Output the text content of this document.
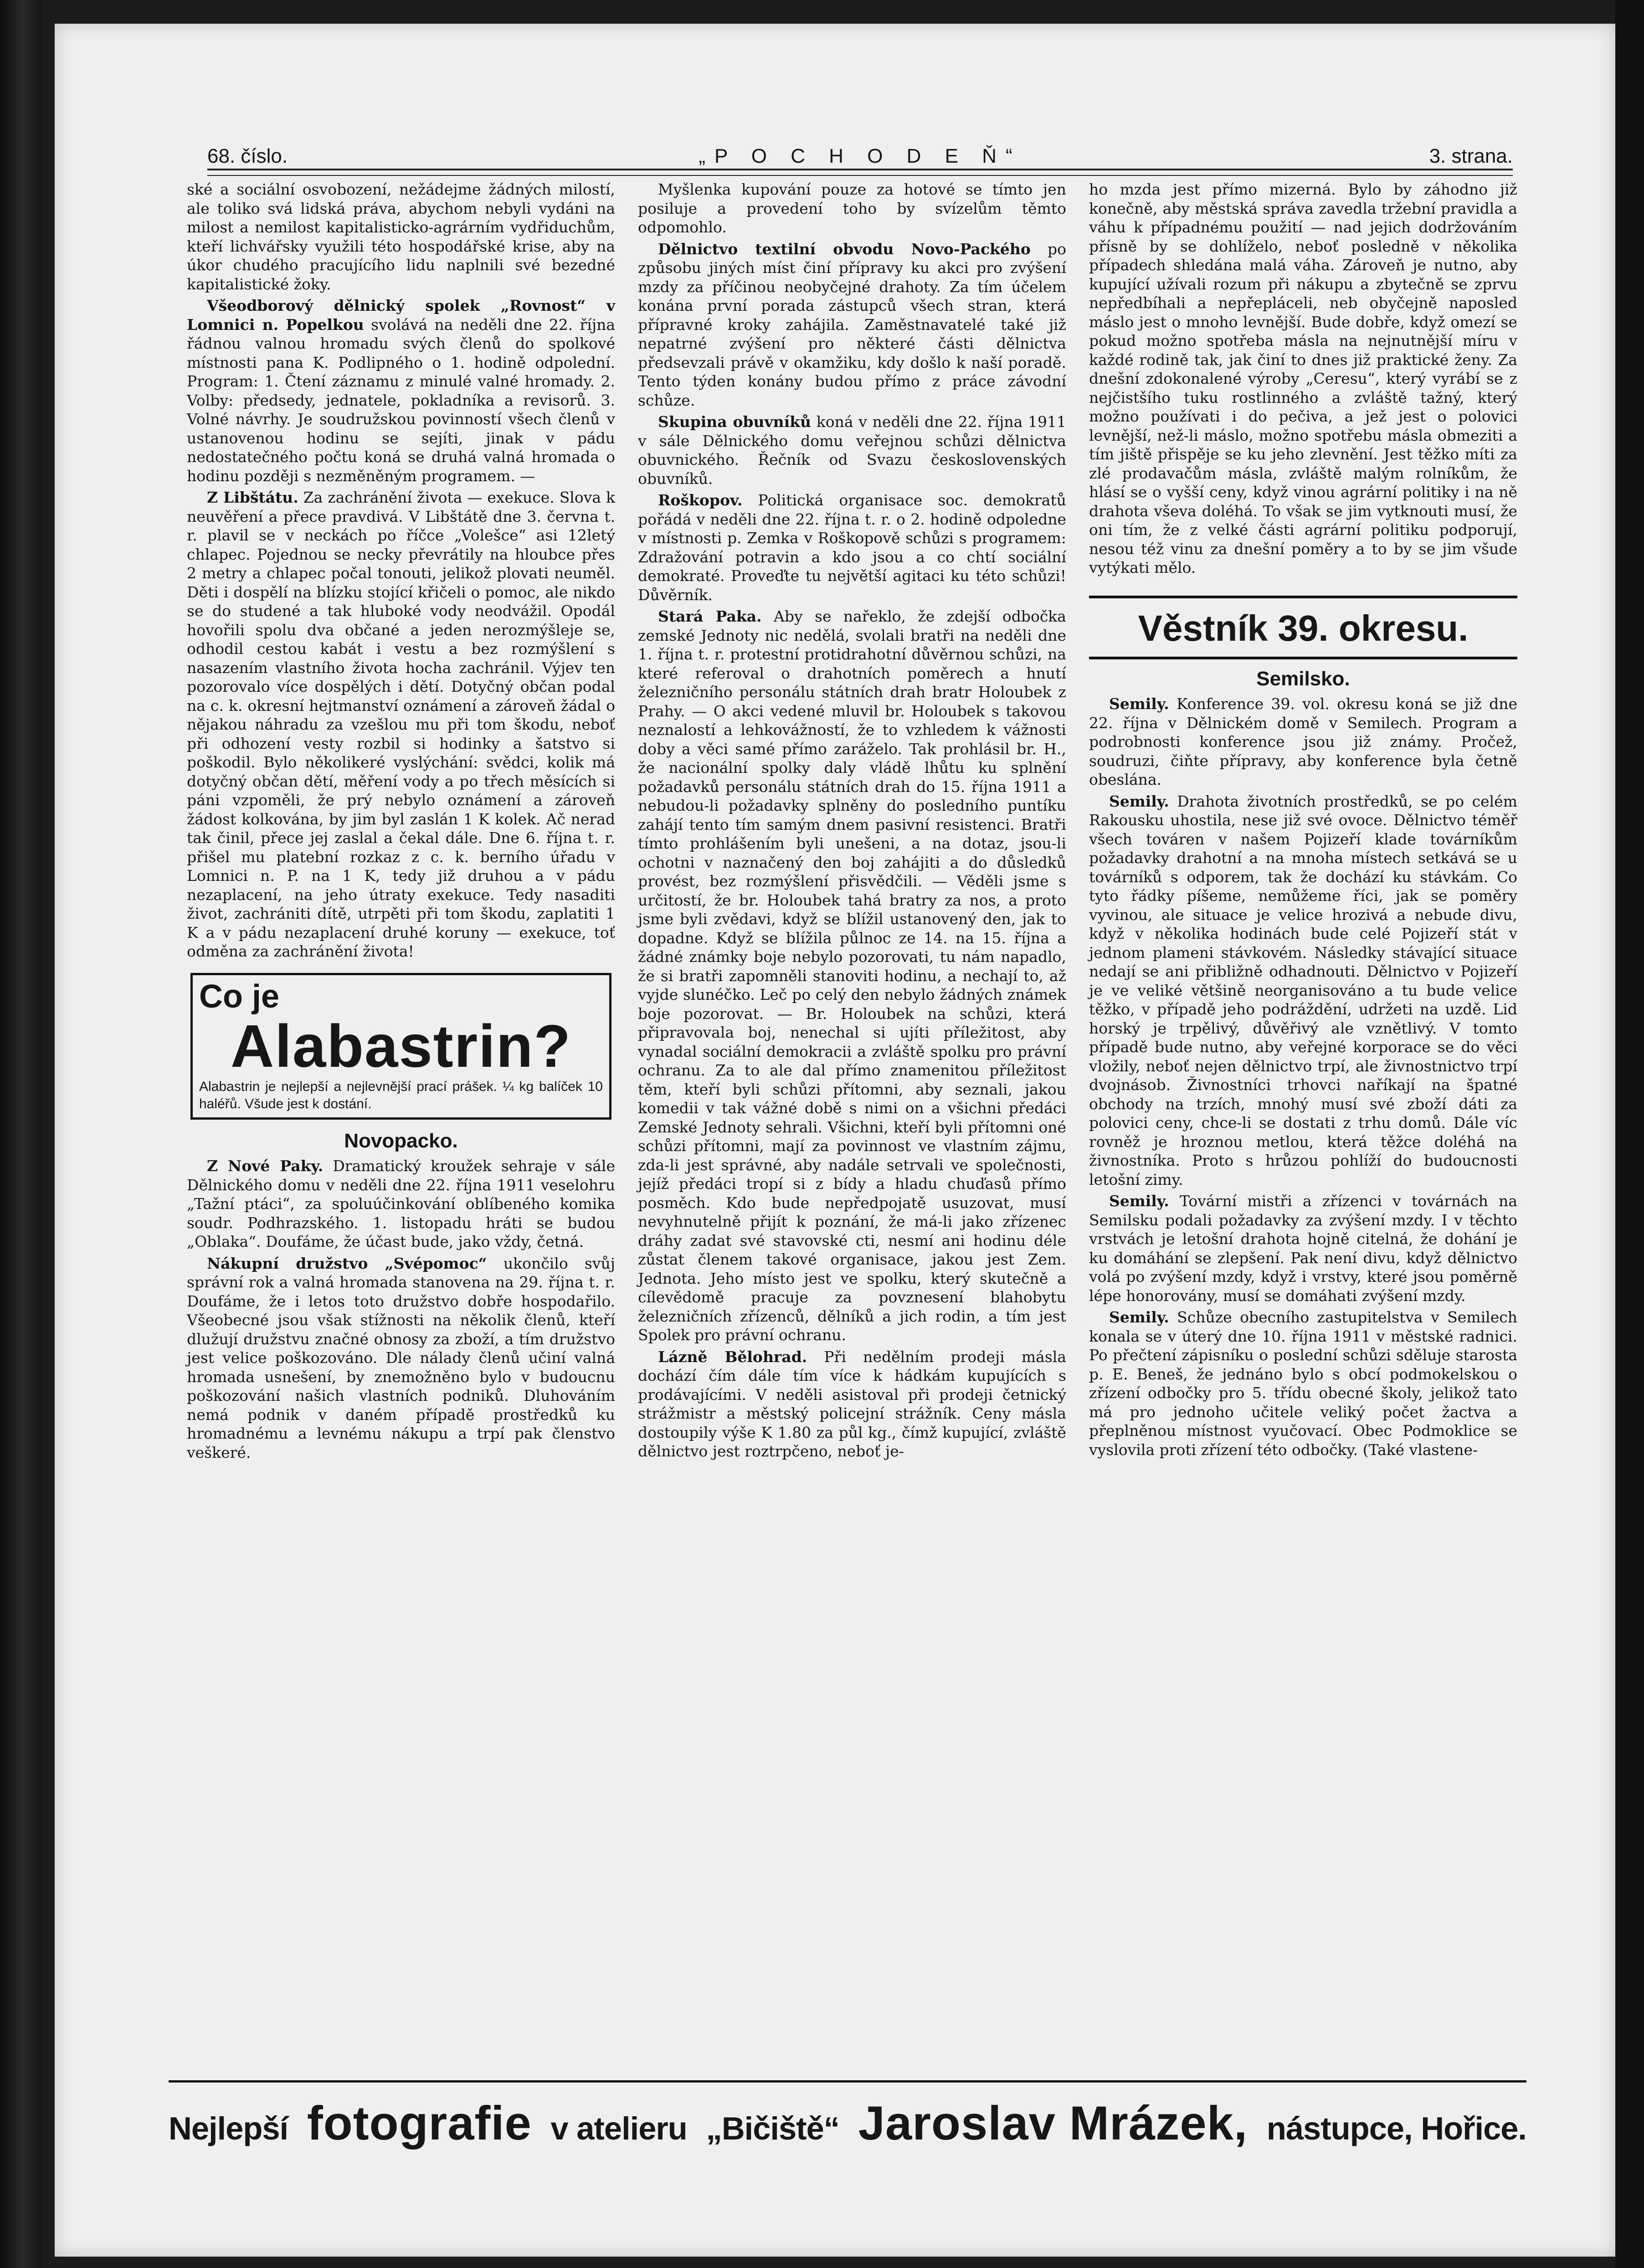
68. číslo.	„P O C H O D E Ň“	3. strana.

ské a sociální osvobození, nežádejme žádných milostí, ale toliko svá lidská práva, abychom nebyli vydáni na milost a nemilost kapitalisticko-agrárním vydřiduchům, kteří lichvářsky využili této hospodářské krise, aby na úkor chudého pracujícího lidu naplnili své bezedné kapitalistické žoky.

Všeodborový dělnický spolek „Rovnost“ v Lomnici n. Popelkou svolává na neděli dne 22. října řádnou valnou hromadu svých členů do spolkové místnosti pana K. Podlipného o 1. hodině odpolední. Program: 1. Čtení záznamu z minulé valné hromady. 2. Volby: předsedy, jednatele, pokladníka a revisorů. 3. Volné návrhy. Je soudružskou povinností všech členů v ustanovenou hodinu se sejíti, jinak v pádu nedostatečného počtu koná se druhá valná hromada o hodinu později s nezměněným programem. —

Z Libštátu. Za zachránění života — exekuce. Slova k neuvěření a přece pravdivá. V Libštátě dne 3. června t. r. plavil se v neckách po říčce „Volešce“ asi 12letý chlapec. Pojednou se necky převrátily na hloubce přes 2 metry a chlapec počal tonouti, jelikož plovati neuměl. Děti i dospělí na blízku stojící křičeli o pomoc, ale nikdo se do studené a tak hluboké vody neodvážil. Opodál hovořili spolu dva občané a jeden nerozmýšleje se, odhodil cestou kabát i vestu a bez rozmýšlení s nasazením vlastního života hocha zachránil. Výjev ten pozorovalo více dospělých i dětí. Dotyčný občan podal na c. k. okresní hejtmanství oznámení a zároveň žádal o nějakou náhradu za vzešlou mu při tom škodu, neboť při odhození vesty rozbil si hodinky a šatstvo si poškodil. Bylo několikeré vyslýchání: svědci, kolik má dotyčný občan dětí, měření vody a po třech měsících si páni vzpoměli, že prý nebylo oznámení a zároveň žádost kolkována, by jim byl zaslán 1 K kolek. Ač nerad tak činil, přece jej zaslal a čekal dále. Dne 6. října t. r. přišel mu platební rozkaz z c. k. berního úřadu v Lomnici n. P. na 1 K, tedy již druhou a v pádu nezaplacení, na jeho útraty exekuce. Tedy nasaditi život, zachrániti dítě, utrpěti při tom škodu, zaplatiti 1 K a v pádu nezaplacení druhé koruny — exekuce, toť odměna za zachránění života!

Co je
Alabastrin?
Alabastrin je nejlepší a nejlevnější prací prášek. ¼ kg balíček 10 haléřů. Všude jest k dostání.
Novopacko.

Z Nové Paky. Dramatický kroužek sehraje v sále Dělnického domu v neděli dne 22. října 1911 veselohru „Tažní ptáci“, za spoluúčinkování oblíbeného komika soudr. Podhrazského. 1. listopadu hráti se budou „Oblaka“. Doufáme, že účast bude, jako vždy, četná.

Nákupní družstvo „Svépomoc“ ukončilo svůj správní rok a valná hromada stanovena na 29. října t. r. Doufáme, že i letos toto družstvo dobře hospodařilo. Všeobecné jsou však stížnosti na několik členů, kteří dlužují družstvu značné obnosy za zboží, a tím družstvo jest velice poškozováno. Dle nálady členů učiní valná hromada usnešení, by znemožněno bylo v budoucnu poškozování našich vlastních podniků. Dluhováním nemá podnik v daném případě prostředků ku hromadnému a levnému nákupu a trpí pak členstvo veškeré.

Myšlenka kupování pouze za hotové se tímto jen posiluje a provedení toho by svízelům těmto odpomohlo.

Dělnictvo textilní obvodu Novo-Packého po způsobu jiných míst činí přípravy ku akci pro zvýšení mzdy za příčinou neobyčejné drahoty. Za tím účelem konána první porada zástupců všech stran, která přípravné kroky zahájila. Zaměstnavatelé také již nepatrné zvýšení pro některé části dělnictva předsevzali právě v okamžiku, kdy došlo k naší poradě. Tento týden konány budou přímo z práce závodní schůze.

Skupina obuvníků koná v neděli dne 22. října 1911 v sále Dělnického domu veřejnou schůzi dělnictva obuvnického. Řečník od Svazu československých obuvníků.

Roškopov. Politická organisace soc. demokratů pořádá v neděli dne 22. října t. r. o 2. hodině odpoledne v místnosti p. Zemka v Roškopově schůzi s programem: Zdražování potravin a kdo jsou a co chtí sociální demokraté. Proveďte tu největší agitaci ku této schůzi! Důvěrník.

Stará Paka. Aby se nařeklo, že zdejší odbočka zemské Jednoty nic nedělá, svolali bratři na neděli dne 1. října t. r. protestní protidrahotní důvěrnou schůzi, na které referoval o drahotních poměrech a hnutí železničního personálu státních drah bratr Holoubek z Prahy. — O akci vedené mluvil br. Holoubek s takovou neznalostí a lehkovážností, že to vzhledem k vážnosti doby a věci samé přímo zaráželo. Tak prohlásil br. H., že nacionální spolky daly vládě lhůtu ku splnění požadavků personálu státních drah do 15. října 1911 a nebudou-li požadavky splněny do posledního puntíku zahájí tento tím samým dnem pasivní resistenci. Bratři tímto prohlášením byli unešeni, a na dotaz, jsou-li ochotni v naznačený den boj zahájiti a do důsledků provést, bez rozmýšlení přisvědčili. — Věděli jsme s určitostí, že br. Holoubek tahá bratry za nos, a proto jsme byli zvědavi, když se blížil ustanovený den, jak to dopadne. Když se blížila půlnoc ze 14. na 15. října a žádné známky boje nebylo pozorovati, tu nám napadlo, že si bratři zapomněli stanoviti hodinu, a nechají to, až vyjde slunéčko. Leč po celý den nebylo žádných známek boje pozorovat. — Br. Holoubek na schůzi, která připravovala boj, nenechal si ujíti příležitost, aby vynadal sociální demokracii a zvláště spolku pro právní ochranu. Za to ale dal přímo znamenitou příležitost těm, kteří byli schůzi přítomni, aby seznali, jakou komedii v tak vážné době s nimi on a všichni předáci Zemské Jednoty sehrali. Všichni, kteří byli přítomni oné schůzi přítomni, mají za povinnost ve vlastním zájmu, zda-li jest správné, aby nadále setrvali ve společnosti, jejíž předáci tropí si z bídy a hladu chuďasů přímo posměch. Kdo bude nepředpojatě usuzovat, musí nevyhnutelně přijít k poznání, že má-li jako zřízenec dráhy zadat své stavovské cti, nesmí ani hodinu déle zůstat členem takové organisace, jakou jest Zem. Jednota. Jeho místo jest ve spolku, který skutečně a cílevědomě pracuje za povznesení blahobytu železničních zřízenců, dělníků a jich rodin, a tím jest Spolek pro právní ochranu.

Lázně Bělohrad. Při nedělním prodeji másla dochází čím dále tím více k hádkám kupujících s prodávajícími. V neděli asistoval při prodeji četnický strážmistr a městský policejní strážník. Ceny másla dostoupily výše K 1.80 za půl kg., čímž kupující, zvláště dělnictvo jest roztrpčeno, neboť je-

ho mzda jest přímo mizerná. Bylo by záhodno již konečně, aby městská správa zavedla tržební pravidla a váhu k případnému použití — nad jejich dodržováním přísně by se dohlíželo, neboť posledně v několika případech shledána malá váha. Zároveň je nutno, aby kupující užívali rozum při nákupu a zbytečně se zprvu nepředbíhali a nepřepláceli, neb obyčejně naposled máslo jest o mnoho levnější. Bude dobře, když omezí se pokud možno spotřeba másla na nejnutnější míru v každé rodině tak, jak činí to dnes již praktické ženy. Za dnešní zdokonalené výroby „Ceresu“, který vyrábí se z nejčistšího tuku rostlinného a zvláště tažný, který možno používati i do pečiva, a jež jest o polovici levnější, než-li máslo, možno spotřebu másla obmeziti a tím jiště přispěje se ku jeho zlevnění. Jest těžko míti za zlé prodavačům másla, zvláště malým rolníkům, že hlásí se o vyšší ceny, když vinou agrární politiky i na ně drahota vševa doléhá. To však se jim vytknouti musí, že oni tím, že z velké části agrární politiku podporují, nesou též vinu za dnešní poměry a to by se jim všude vytýkati mělo.

Věstník 39. okresu.
Semilsko.

Semily. Konference 39. vol. okresu koná se již dne 22. října v Dělnickém domě v Semilech. Program a podrobnosti konference jsou již známy. Pročež, soudruzi, čiňte přípravy, aby konference byla četně obeslána.

Semily. Drahota životních prostředků, se po celém Rakousku uhostila, nese již své ovoce. Dělnictvo téměř všech továren v našem Pojizeří klade továrníkům požadavky drahotní a na mnoha místech setkává se u továrníků s odporem, tak že dochází ku stávkám. Co tyto řádky píšeme, nemůžeme říci, jak se poměry vyvinou, ale situace je velice hrozivá a nebude divu, když v několika hodinách bude celé Pojizeří stát v jednom plameni stávkovém. Následky stávající situace nedají se ani přibližně odhadnouti. Dělnictvo v Pojizeří je ve veliké většině neorganisováno a tu bude velice těžko, v případě jeho podráždění, udržeti na uzdě. Lid horský je trpělivý, důvěřivý ale vznětlivý. V tomto případě bude nutno, aby veřejné korporace se do věci vložily, neboť nejen dělnictvo trpí, ale živnostnictvo trpí dvojnásob. Živnostníci trhovci naříkají na špatné obchody na trzích, mnohý musí své zboží dáti za polovici ceny, chce-li se dostati z trhu domů. Dále víc rovněž je hroznou metlou, která těžce doléhá na živnostníka. Proto s hrůzou pohlíží do budoucnosti letošní zimy.

Semily. Tovární mistři a zřízenci v továrnách na Semilsku podali požadavky za zvýšení mzdy. I v těchto vrstvách je letošní drahota hojně citelná, že dohání je ku domáhání se zlepšení. Pak není divu, když dělnictvo volá po zvýšení mzdy, když i vrstvy, které jsou poměrně lépe honorovány, musí se domáhati zvýšení mzdy.

Semily. Schůze obecního zastupitelstva v Semilech konala se v úterý dne 10. října 1911 v městské radnici. Po přečtení zápisníku o poslední schůzi sděluje starosta p. E. Beneš, že jednáno bylo s obcí podmokelskou o zřízení odbočky pro 5. třídu obecné školy, jelikož tato má pro jednoho učitele veliký počet žactva a přeplněnou místnost vyučovací. Obec Podmoklice se vyslovila proti zřízení této odbočky. (Také vlastene-

Nejlepší fotografie v atelieru „Bičiště“ Jaroslav Mrázek, nástupce, Hořice.
